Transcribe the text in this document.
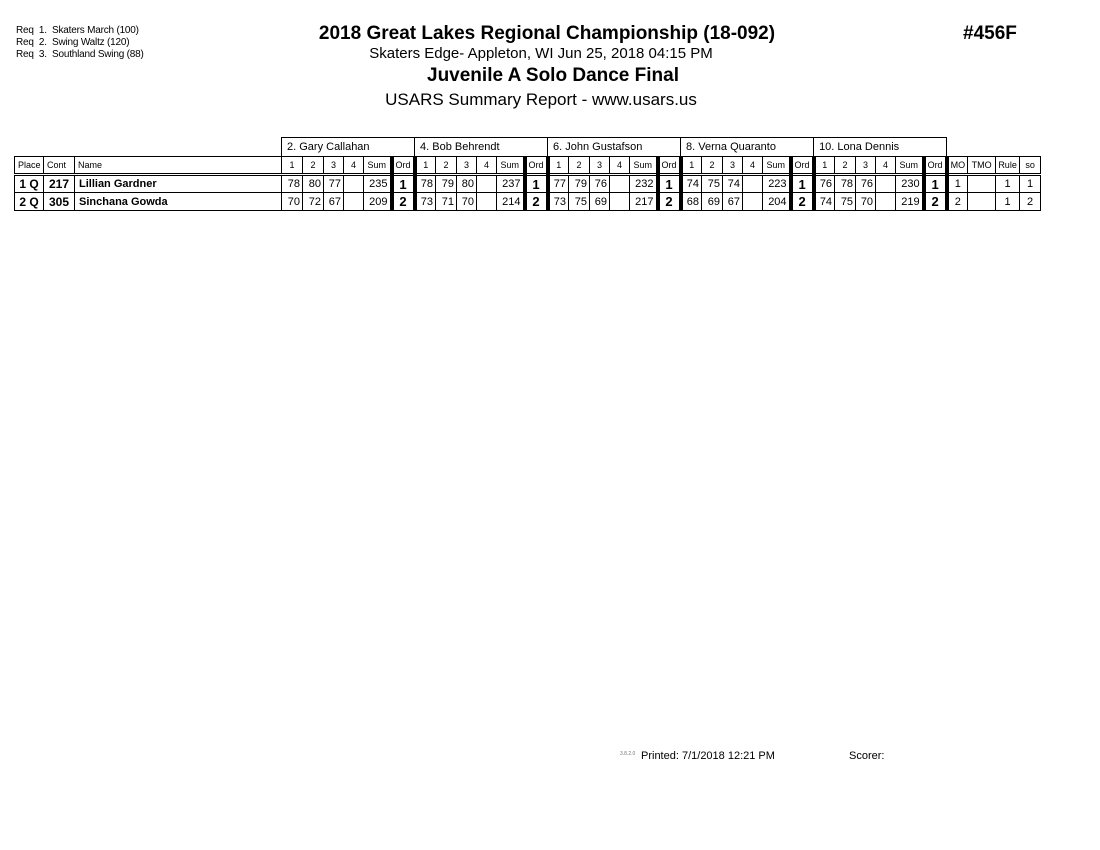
Req  1.  Skaters March (100)
Req  2.  Swing Waltz (120)
Req  3.  Southland Swing (88)
2018 Great Lakes Regional Championship (18-092)
Skaters Edge- Appleton, WI Jun 25, 2018 04:15 PM
Juvenile A Solo Dance Final
USARS Summary Report - www.usars.us
#456F
			2. Gary Callahan						4. Bob Behrendt						6. John Gustafson						8. Verna Quaranto						10. Lona Dennis									
Place	Cont	Name	1	2	3	4	Sum	Ord	1	2	3	4	Sum	Ord	1	2	3	4	Sum	Ord	1	2	3	4	Sum	Ord	1	2	3	4	Sum	Ord	MO	TMO	Rule	so
1 Q	217	Lillian Gardner	78	80	77		235	1	78	79	80		237	1	77	79	76		232	1	74	75	74		223	1	76	78	76		230	1	1		1	1
2 Q	305	Sinchana Gowda	70	72	67		209	2	73	71	70		214	2	73	75	69		217	2	68	69	67		204	2	74	75	70		219	2	2		1	2
3.8.2.0 Printed: 7/1/2018 12:21 PM	Scorer:
